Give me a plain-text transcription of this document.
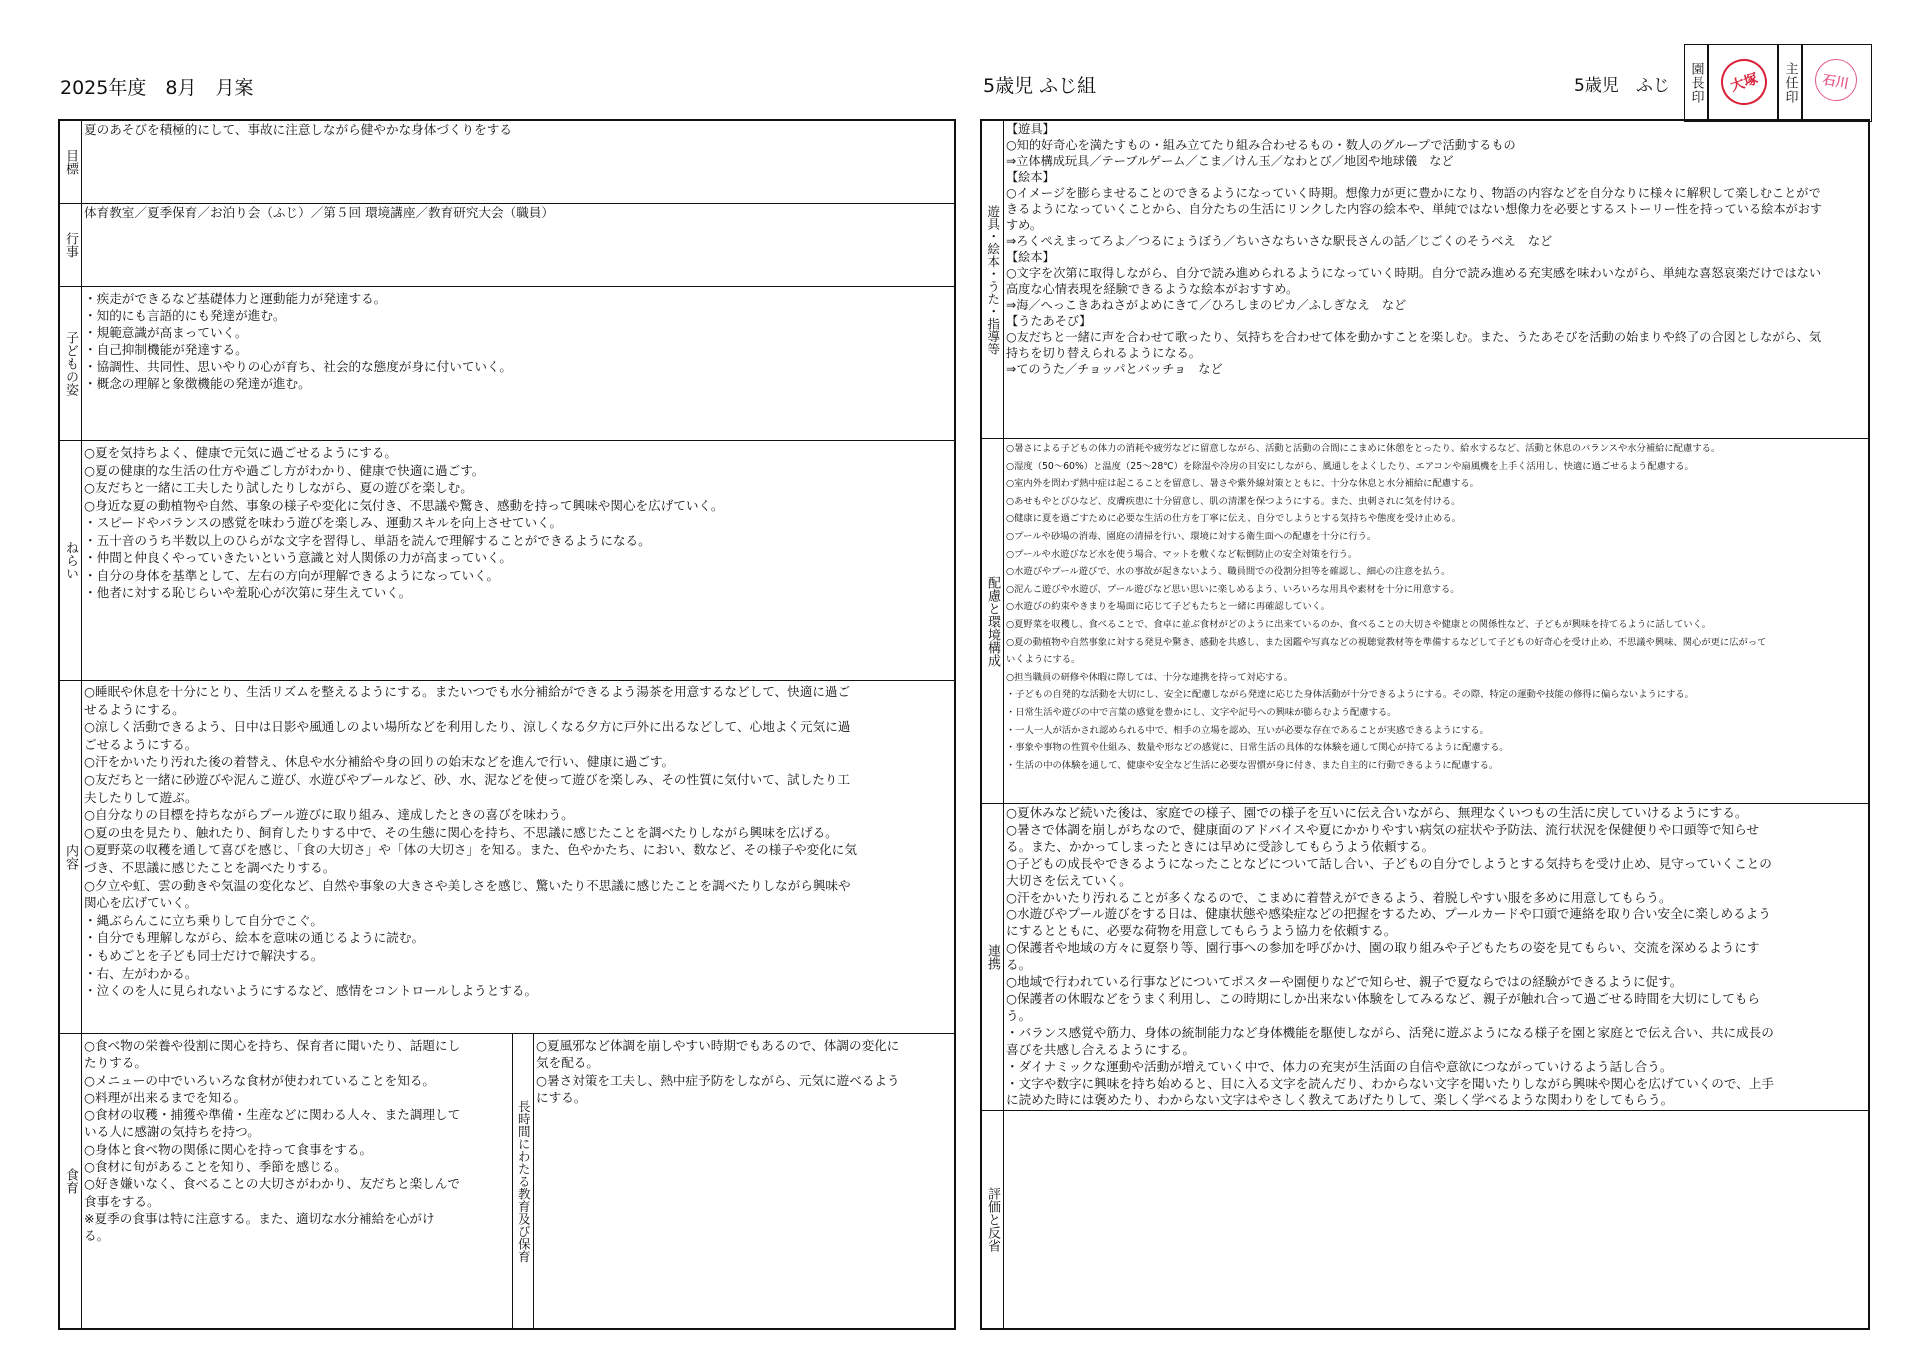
2025年度　8月　月案	5歳児 ふじ組	5歳児　ふじ	園長印	大塚	主任印	石川
目標
夏のあそびを積極的にして、事故に注意しながら健やかな身体づくりをする
行事
体育教室／夏季保育／お泊り会（ふじ）／第５回 環境講座／教育研究大会（職員）
子どもの姿
・疾走ができるなど基礎体力と運動能力が発達する。
・知的にも言語的にも発達が進む。
・規範意識が高まっていく。
・自己抑制機能が発達する。
・協調性、共同性、思いやりの心が育ち、社会的な態度が身に付いていく。
・概念の理解と象徴機能の発達が進む。
ねらい
○夏を気持ちよく、健康で元気に過ごせるようにする。
○夏の健康的な生活の仕方や過ごし方がわかり、健康で快適に過ごす。
○友だちと一緒に工夫したり試したりしながら、夏の遊びを楽しむ。
○身近な夏の動植物や自然、事象の様子や変化に気付き、不思議や驚き、感動を持って興味や関心を広げていく。
・スピードやバランスの感覚を味わう遊びを楽しみ、運動スキルを向上させていく。
・五十音のうち半数以上のひらがな文字を習得し、単語を読んで理解することができるようになる。
・仲間と仲良くやっていきたいという意識と対人関係の力が高まっていく。
・自分の身体を基準として、左右の方向が理解できるようになっていく。
・他者に対する恥じらいや羞恥心が次第に芽生えていく。
内容
○睡眠や休息を十分にとり、生活リズムを整えるようにする。またいつでも水分補給ができるよう湯茶を用意するなどして、快適に過ご
せるようにする。
○涼しく活動できるよう、日中は日影や風通しのよい場所などを利用したり、涼しくなる夕方に戸外に出るなどして、心地よく元気に過
ごせるようにする。
○汗をかいたり汚れた後の着替え、休息や水分補給や身の回りの始末などを進んで行い、健康に過ごす。
○友だちと一緒に砂遊びや泥んこ遊び、水遊びやプールなど、砂、水、泥などを使って遊びを楽しみ、その性質に気付いて、試したり工
夫したりして遊ぶ。
○自分なりの目標を持ちながらプール遊びに取り組み、達成したときの喜びを味わう。
○夏の虫を見たり、触れたり、飼育したりする中で、その生態に関心を持ち、不思議に感じたことを調べたりしながら興味を広げる。
○夏野菜の収穫を通して喜びを感じ、「食の大切さ」や「体の大切さ」を知る。また、色やかたち、におい、数など、その様子や変化に気
づき、不思議に感じたことを調べたりする。
○夕立や虹、雲の動きや気温の変化など、自然や事象の大きさや美しさを感じ、驚いたり不思議に感じたことを調べたりしながら興味や
関心を広げていく。
・縄ぶらんこに立ち乗りして自分でこぐ。
・自分でも理解しながら、絵本を意味の通じるように読む。
・もめごとを子ども同士だけで解決する。
・右、左がわかる。
・泣くのを人に見られないようにするなど、感情をコントロールしようとする。
食育
○食べ物の栄養や役割に関心を持ち、保育者に聞いたり、話題にし
たりする。
○メニューの中でいろいろな食材が使われていることを知る。
○料理が出来るまでを知る。
○食材の収穫・捕獲や準備・生産などに関わる人々、また調理して
いる人に感謝の気持ちを持つ。
○身体と食べ物の関係に関心を持って食事をする。
○食材に旬があることを知り、季節を感じる。
○好き嫌いなく、食べることの大切さがわかり、友だちと楽しんで
食事をする。
※夏季の食事は特に注意する。また、適切な水分補給を心がけ
る。	長時間にわたる教育及び保育
○夏風邪など体調を崩しやすい時期でもあるので、体調の変化に
気を配る。
○暑さ対策を工夫し、熱中症予防をしながら、元気に遊べるよう
にする。
遊具・絵本・うた・指導等
【遊具】
○知的好奇心を満たすもの・組み立てたり組み合わせるもの・数人のグループで活動するもの
⇒立体構成玩具／テーブルゲーム／こま／けん玉／なわとび／地図や地球儀　など
【絵本】
○イメージを膨らませることのできるようになっていく時期。想像力が更に豊かになり、物語の内容などを自分なりに様々に解釈して楽しむことがで
きるようになっていくことから、自分たちの生活にリンクした内容の絵本や、単純ではない想像力を必要とするストーリー性を持っている絵本がおす
すめ。
⇒ろくぺえまってろよ／つるにょうぼう／ちいさなちいさな駅長さんの話／じごくのそうべえ　など
【絵本】
○文字を次第に取得しながら、自分で読み進められるようになっていく時期。自分で読み進める充実感を味わいながら、単純な喜怒哀楽だけではない
高度な心情表現を経験できるような絵本がおすすめ。
⇒海／へっこきあねさがよめにきて／ひろしまのピカ／ふしぎなえ　など
【うたあそび】
○友だちと一緒に声を合わせて歌ったり、気持ちを合わせて体を動かすことを楽しむ。また、うたあそびを活動の始まりや終了の合図としながら、気
持ちを切り替えられるようになる。
⇒てのうた／チョッパとバッチョ　など
配慮と環境構成
○暑さによる子どもの体力の消耗や疲労などに留意しながら、活動と活動の合間にこまめに休憩をとったり、給水するなど、活動と休息のバランスや水分補給に配慮する。
○湿度（50〜60%）と温度（25〜28℃）を除湿や冷房の目安にしながら、風通しをよくしたり、エアコンや扇風機を上手く活用し、快適に過ごせるよう配慮する。
○室内外を問わず熱中症は起こることを留意し、暑さや紫外線対策とともに、十分な休息と水分補給に配慮する。
○あせもやとびひなど、皮膚疾患に十分留意し、肌の清潔を保つようにする。また、虫刺されに気を付ける。
○健康に夏を過ごすために必要な生活の仕方を丁寧に伝え、自分でしようとする気持ちや態度を受け止める。
○プールや砂場の消毒、園庭の清掃を行い、環境に対する衛生面への配慮を十分に行う。
○プールや水遊びなど水を使う場合、マットを敷くなど転倒防止の安全対策を行う。
○水遊びやプール遊びで、水の事故が起きないよう、職員間での役割分担等を確認し、細心の注意を払う。
○泥んこ遊びや水遊び、プール遊びなど思い思いに楽しめるよう、いろいろな用具や素材を十分に用意する。
○水遊びの約束やきまりを場面に応じて子どもたちと一緒に再確認していく。
○夏野菜を収穫し、食べることで、食卓に並ぶ食材がどのように出来ているのか、食べることの大切さや健康との関係性など、子どもが興味を持てるように話していく。
○夏の動植物や自然事象に対する発見や驚き、感動を共感し、また図鑑や写真などの視聴覚教材等を準備するなどして子どもの好奇心を受け止め、不思議や興味、関心が更に広がって
いくようにする。
○担当職員の研修や休暇に際しては、十分な連携を持って対応する。
・子どもの自発的な活動を大切にし、安全に配慮しながら発達に応じた身体活動が十分できるようにする。その際、特定の運動や技能の修得に偏らないようにする。
・日常生活や遊びの中で言葉の感覚を豊かにし、文字や記号への興味が膨らむよう配慮する。
・一人一人が活かされ認められる中で、相手の立場を認め、互いが必要な存在であることが実感できるようにする。
・事象や事物の性質や仕組み、数量や形などの感覚に、日常生活の具体的な体験を通して関心が持てるように配慮する。
・生活の中の体験を通して、健康や安全など生活に必要な習慣が身に付き、また自主的に行動できるように配慮する。
連携
○夏休みなど続いた後は、家庭での様子、園での様子を互いに伝え合いながら、無理なくいつもの生活に戻していけるようにする。
○暑さで体調を崩しがちなので、健康面のアドバイスや夏にかかりやすい病気の症状や予防法、流行状況を保健便りや口頭等で知らせ
る。また、かかってしまったときには早めに受診してもらうよう依頼する。
○子どもの成長やできるようになったことなどについて話し合い、子どもの自分でしようとする気持ちを受け止め、見守っていくことの
大切さを伝えていく。
○汗をかいたり汚れることが多くなるので、こまめに着替えができるよう、着脱しやすい服を多めに用意してもらう。
○水遊びやプール遊びをする日は、健康状態や感染症などの把握をするため、プールカードや口頭で連絡を取り合い安全に楽しめるよう
にするとともに、必要な荷物を用意してもらうよう協力を依頼する。
○保護者や地域の方々に夏祭り等、園行事への参加を呼びかけ、園の取り組みや子どもたちの姿を見てもらい、交流を深めるようにす
る。
○地域で行われている行事などについてポスターや園便りなどで知らせ、親子で夏ならではの経験ができるように促す。
○保護者の休暇などをうまく利用し、この時期にしか出来ない体験をしてみるなど、親子が触れ合って過ごせる時間を大切にしてもら
う。
・バランス感覚や筋力、身体の統制能力など身体機能を駆使しながら、活発に遊ぶようになる様子を園と家庭とで伝え合い、共に成長の
喜びを共感し合えるようにする。
・ダイナミックな運動や活動が増えていく中で、体力の充実が生活面の自信や意欲につながっていけるよう話し合う。
・文字や数字に興味を持ち始めると、目に入る文字を読んだり、わからない文字を聞いたりしながら興味や関心を広げていくので、上手
に読めた時には褒めたり、わからない文字はやさしく教えてあげたりして、楽しく学べるような関わりをしてもらう。
評価と反省
